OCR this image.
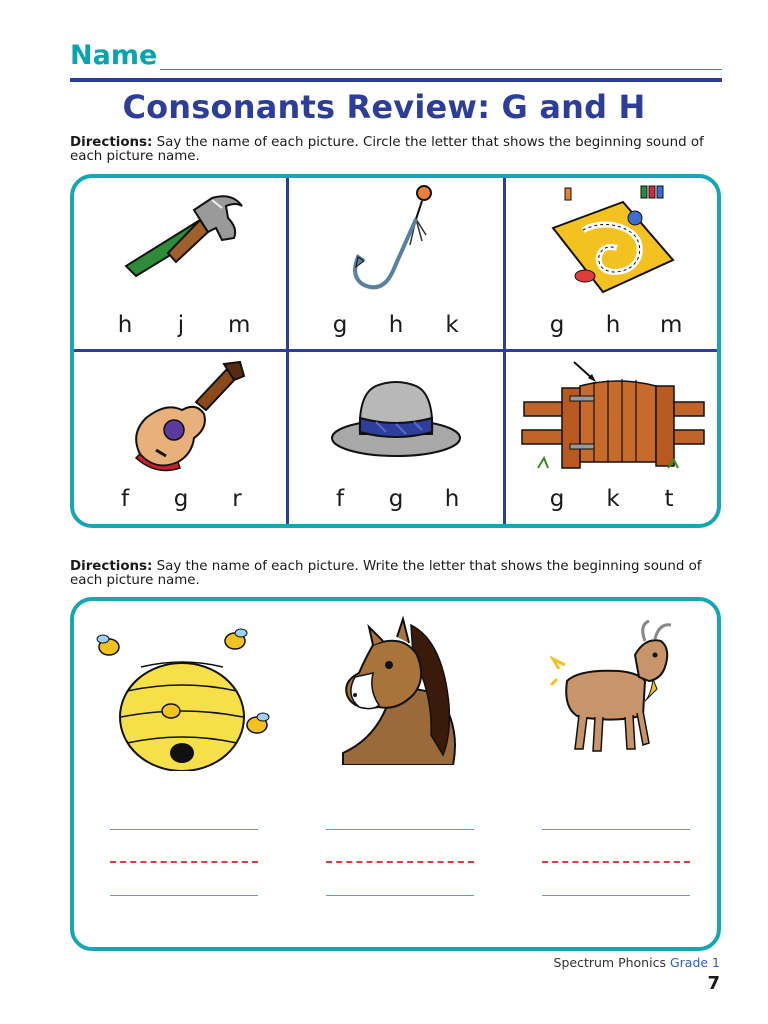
Name
Consonants Review: G and H
Directions: Say the name of each picture. Circle the letter that shows the beginning sound of each picture name.
h j m	g h k	g h m
f g r	f g h	g k t
Directions: Say the name of each picture. Write the letter that shows the beginning sound of each picture name.
Spectrum Phonics Grade 1
7
